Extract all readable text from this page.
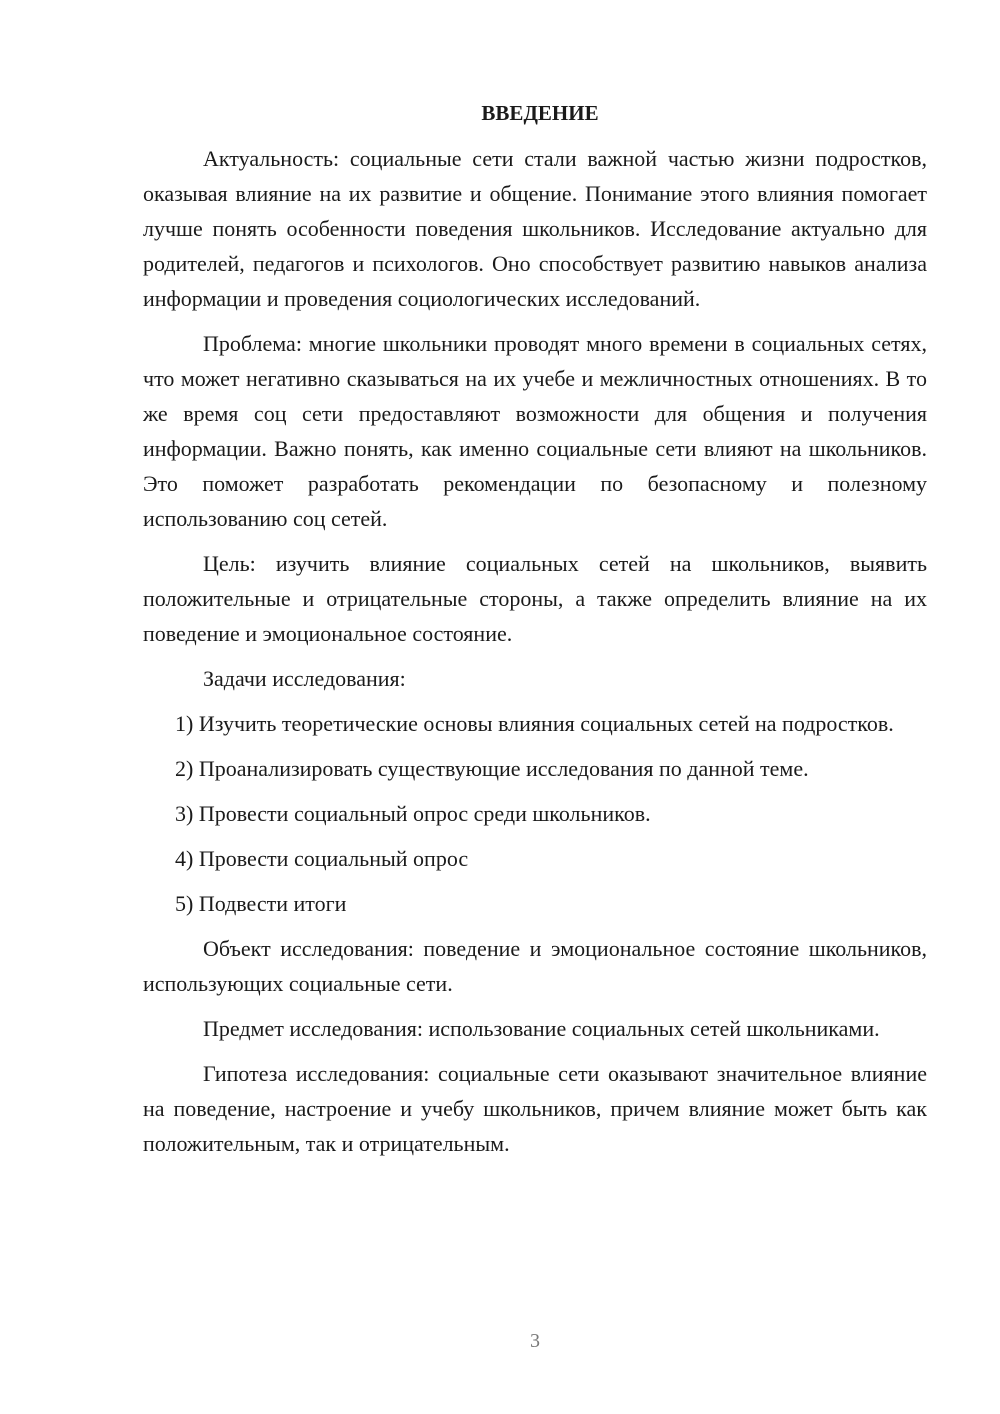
ВВЕДЕНИЕ

Актуальность: социальные сети стали важной частью жизни подростков, оказывая влияние на их развитие и общение. Понимание этого влияния помогает лучше понять особенности поведения школьников. Исследование актуально для родителей, педагогов и психологов. Оно способствует развитию навыков анализа информации и проведения социологических исследований.

Проблема: многие школьники проводят много времени в социальных сетях, что может негативно сказываться на их учебе и межличностных отношениях. В то же время соц сети предоставляют возможности для общения и получения информации. Важно понять, как именно социальные сети влияют на школьников. Это поможет разработать рекомендации по безопасному и полезному использованию соц сетей.

Цель: изучить влияние социальных сетей на школьников, выявить положительные и отрицательные стороны, а также определить влияние на их поведение и эмоциональное состояние.

Задачи исследования:

1) Изучить теоретические основы влияния социальных сетей на подростков.

2) Проанализировать существующие исследования по данной теме.

3) Провести социальный опрос среди школьников.

4) Провести социальный опрос

5) Подвести итоги

Объект исследования: поведение и эмоциональное состояние школьников, использующих социальные сети.

Предмет исследования: использование социальных сетей школьниками.

Гипотеза исследования: социальные сети оказывают значительное влияние на поведение, настроение и учебу школьников, причем влияние может быть как положительным, так и отрицательным.

3
